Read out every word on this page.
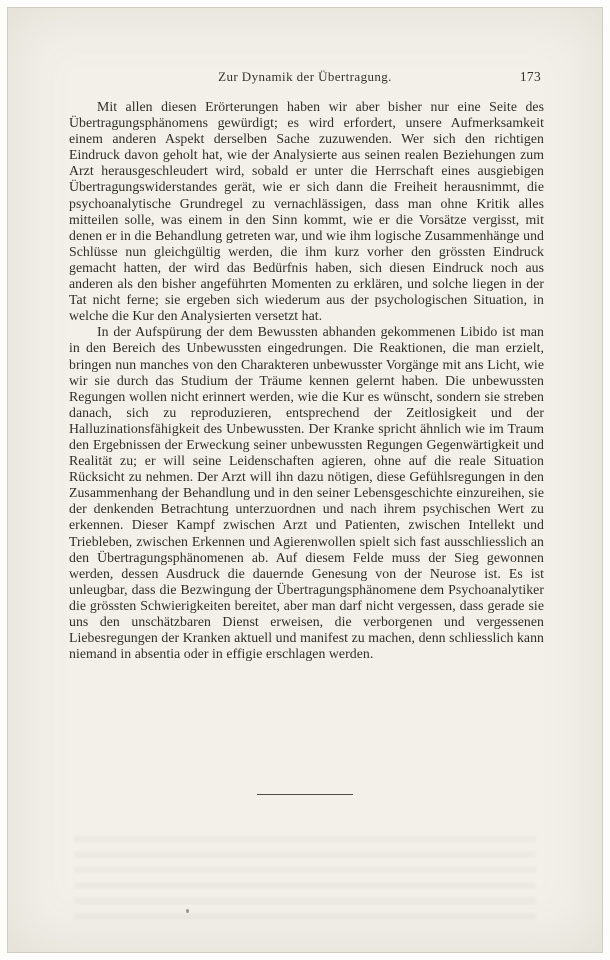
Zur Dynamik der Übertragung.	173

Mit allen diesen Erörterungen haben wir aber bisher nur eine Seite des Übertragungsphänomens gewürdigt; es wird erfordert, unsere Aufmerksamkeit einem anderen Aspekt derselben Sache zuzuwenden. Wer sich den richtigen Eindruck davon geholt hat, wie der Analysierte aus seinen realen Beziehungen zum Arzt herausgeschleudert wird, sobald er unter die Herrschaft eines ausgiebigen Übertragungswiderstandes gerät, wie er sich dann die Freiheit herausnimmt, die psychoanalytische Grundregel zu vernachlässigen, dass man ohne Kritik alles mitteilen solle, was einem in den Sinn kommt, wie er die Vorsätze vergisst, mit denen er in die Behandlung getreten war, und wie ihm logische Zusammenhänge und Schlüsse nun gleichgültig werden, die ihm kurz vorher den grössten Eindruck gemacht hatten, der wird das Bedürfnis haben, sich diesen Eindruck noch aus anderen als den bisher angeführten Momenten zu erklären, und solche liegen in der Tat nicht ferne; sie ergeben sich wiederum aus der psychologischen Situation, in welche die Kur den Analysierten versetzt hat.

In der Aufspürung der dem Bewussten abhanden gekommenen Libido ist man in den Bereich des Unbewussten eingedrungen. Die Reaktionen, die man erzielt, bringen nun manches von den Charakteren unbewusster Vorgänge mit ans Licht, wie wir sie durch das Studium der Träume kennen gelernt haben. Die unbewussten Regungen wollen nicht erinnert werden, wie die Kur es wünscht, sondern sie streben danach, sich zu reproduzieren, entsprechend der Zeitlosigkeit und der Halluzinationsfähigkeit des Unbewussten. Der Kranke spricht ähnlich wie im Traum den Ergebnissen der Erweckung seiner unbewussten Regungen Gegenwärtigkeit und Realität zu; er will seine Leidenschaften agieren, ohne auf die reale Situation Rücksicht zu nehmen. Der Arzt will ihn dazu nötigen, diese Gefühlsregungen in den Zusammenhang der Behandlung und in den seiner Lebensgeschichte einzureihen, sie der denkenden Betrachtung unterzuordnen und nach ihrem psychischen Wert zu erkennen. Dieser Kampf zwischen Arzt und Patienten, zwischen Intellekt und Triebleben, zwischen Erkennen und Agierenwollen spielt sich fast ausschliesslich an den Übertragungsphänomenen ab. Auf diesem Felde muss der Sieg gewonnen werden, dessen Ausdruck die dauernde Genesung von der Neurose ist. Es ist unleugbar, dass die Bezwingung der Übertragungsphänomene dem Psychoanalytiker die grössten Schwierigkeiten bereitet, aber man darf nicht vergessen, dass gerade sie uns den unschätzbaren Dienst erweisen, die verborgenen und vergessenen Liebesregungen der Kranken aktuell und manifest zu machen, denn schliesslich kann niemand in absentia oder in effigie erschlagen werden.
